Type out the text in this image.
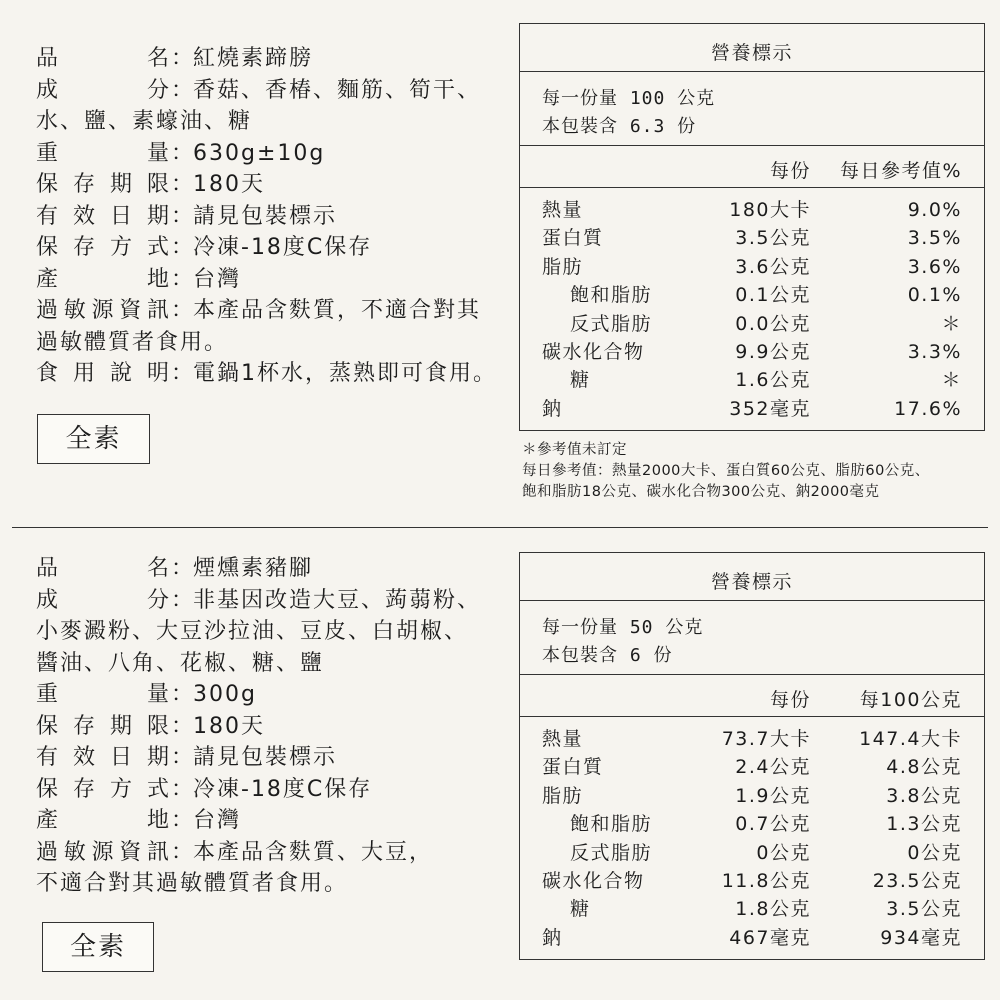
品名：紅燒素蹄膀
成分：香菇、香椿、麵筋、筍干、
水、鹽、素蠔油、糖
重量：630g±10g
保存期限：180天
有效日期：請見包裝標示
保存方式：冷凍-18度C保存
產地：台灣
過敏源資訊：本產品含麩質，不適合對其
過敏體質者食用。
食用說明：電鍋1杯水，蒸熟即可食用。
全素
營養標示
每一份量 100 公克
本包裝含 6.3 份
每份 每日參考值%
熱量	180大卡	9.0%
蛋白質	3.5公克	3.5%
脂肪	3.6公克	3.6%
飽和脂肪	0.1公克	0.1%
反式脂肪	0.0公克	＊
碳水化合物	9.9公克	3.3%
糖	1.6公克	＊
鈉	352毫克	17.6%
＊參考值未訂定
每日參考值：熱量2000大卡、蛋白質60公克、脂肪60公克、
飽和脂肪18公克、碳水化合物300公克、鈉2000毫克
全素
營養標示
每一份量 50 公克
本包裝含 6 份
每份	每100公克
熱量	73.7大卡	147.4大卡
蛋白質	2.4公克	4.8公克
脂肪	1.9公克	3.8公克
飽和脂肪	0.7公克	1.3公克
反式脂肪	0公克	0公克
碳水化合物	11.8公克	23.5公克
糖	1.8公克	3.5公克
鈉	467毫克	934毫克
品名：煙燻素豬腳
成分：非基因改造大豆、蒟蒻粉、
小麥澱粉、大豆沙拉油、豆皮、白胡椒、
醬油、八角、花椒、糖、鹽
重量：300g
保存期限：180天
有效日期：請見包裝標示
保存方式：冷凍-18度C保存
產地：台灣
過敏源資訊：本產品含麩質、大豆，
不適合對其過敏體質者食用。
